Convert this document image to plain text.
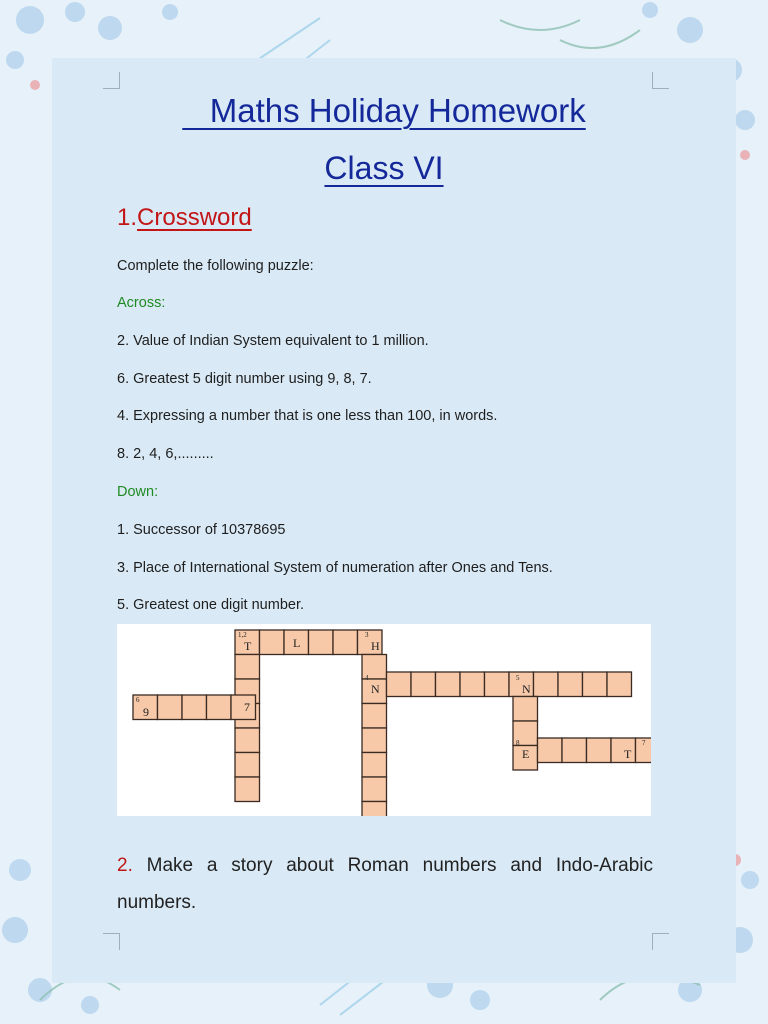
Maths Holiday Homework
Class VI
1.Crossword

Complete the following puzzle:

Across:

2. Value of Indian System equivalent to 1 million.

6. Greatest 5 digit number using 9, 8, 7.

4. Expressing a number that is one less than 100, in words.

8. 2, 4, 6,.........

Down:

1. Successor of 10378695

3. Place of International System of numeration after Ones and Tens.

5. Greatest one digit number.

1,2	3
4	5
6
8	7
T	L	H
N	N
9	7
E	T

2. Make a story about Roman numbers and Indo-Arabic numbers.
